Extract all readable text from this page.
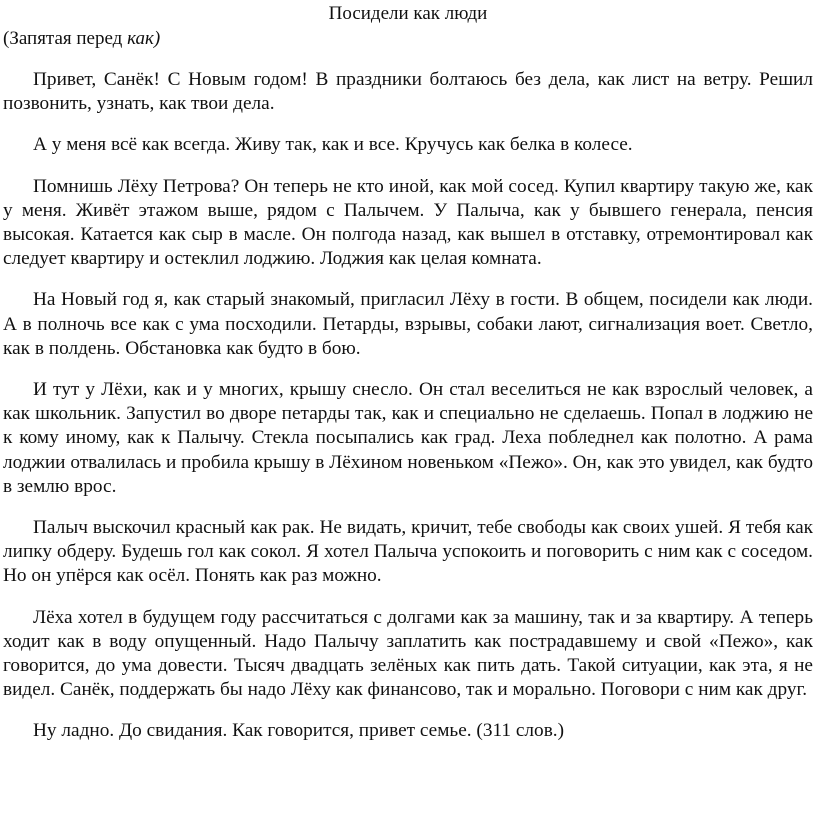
Посидели как люди

(Запятая перед как)

Привет, Санёк! С Новым годом! В праздники болтаюсь без дела, как лист на ветру. Решил позвонить, узнать, как твои дела.

А у меня всё как всегда. Живу так, как и все. Кручусь как белка в колесе.

Помнишь Лёху Петрова? Он теперь не кто иной, как мой сосед. Купил квартиру такую же, как у меня. Живёт этажом выше, рядом с Палычем. У Палыча, как у бывшего генерала, пенсия высокая. Катается как сыр в масле. Он полгода назад, как вышел в отставку, отремонтировал как следует квартиру и остеклил лоджию. Лоджия как целая комната.

На Новый год я, как старый знакомый, пригласил Лёху в гости. В общем, посидели как люди. А в полночь все как с ума посходили. Петарды, взрывы, собаки лают, сигнализация воет. Светло, как в полдень. Обстановка как будто в бою.

И тут у Лёхи, как и у многих, крышу снесло. Он стал веселиться не как взрослый человек, а как школьник. Запустил во дворе петарды так, как и специально не сделаешь. Попал в лоджию не к кому иному, как к Палычу. Стекла посыпались как град. Леха побледнел как полотно. А рама лоджии отвалилась и пробила крышу в Лёхином новеньком «Пежо». Он, как это увидел, как будто в землю врос.

Палыч выскочил красный как рак. Не видать, кричит, тебе свободы как своих ушей. Я тебя как липку обдеру. Будешь гол как сокол. Я хотел Палыча успокоить и поговорить с ним как с соседом. Но он упёрся как осёл. Понять как раз можно.

Лёха хотел в будущем году рассчитаться с долгами как за машину, так и за квартиру. А теперь ходит как в воду опущенный. Надо Палычу заплатить как пострадавшему и свой «Пежо», как говорится, до ума довести. Тысяч двадцать зелёных как пить дать. Такой ситуации, как эта, я не видел. Санёк, поддержать бы надо Лёху как финансово, так и морально. Поговори с ним как друг.

Ну ладно. До свидания. Как говорится, привет семье. (311 слов.)
